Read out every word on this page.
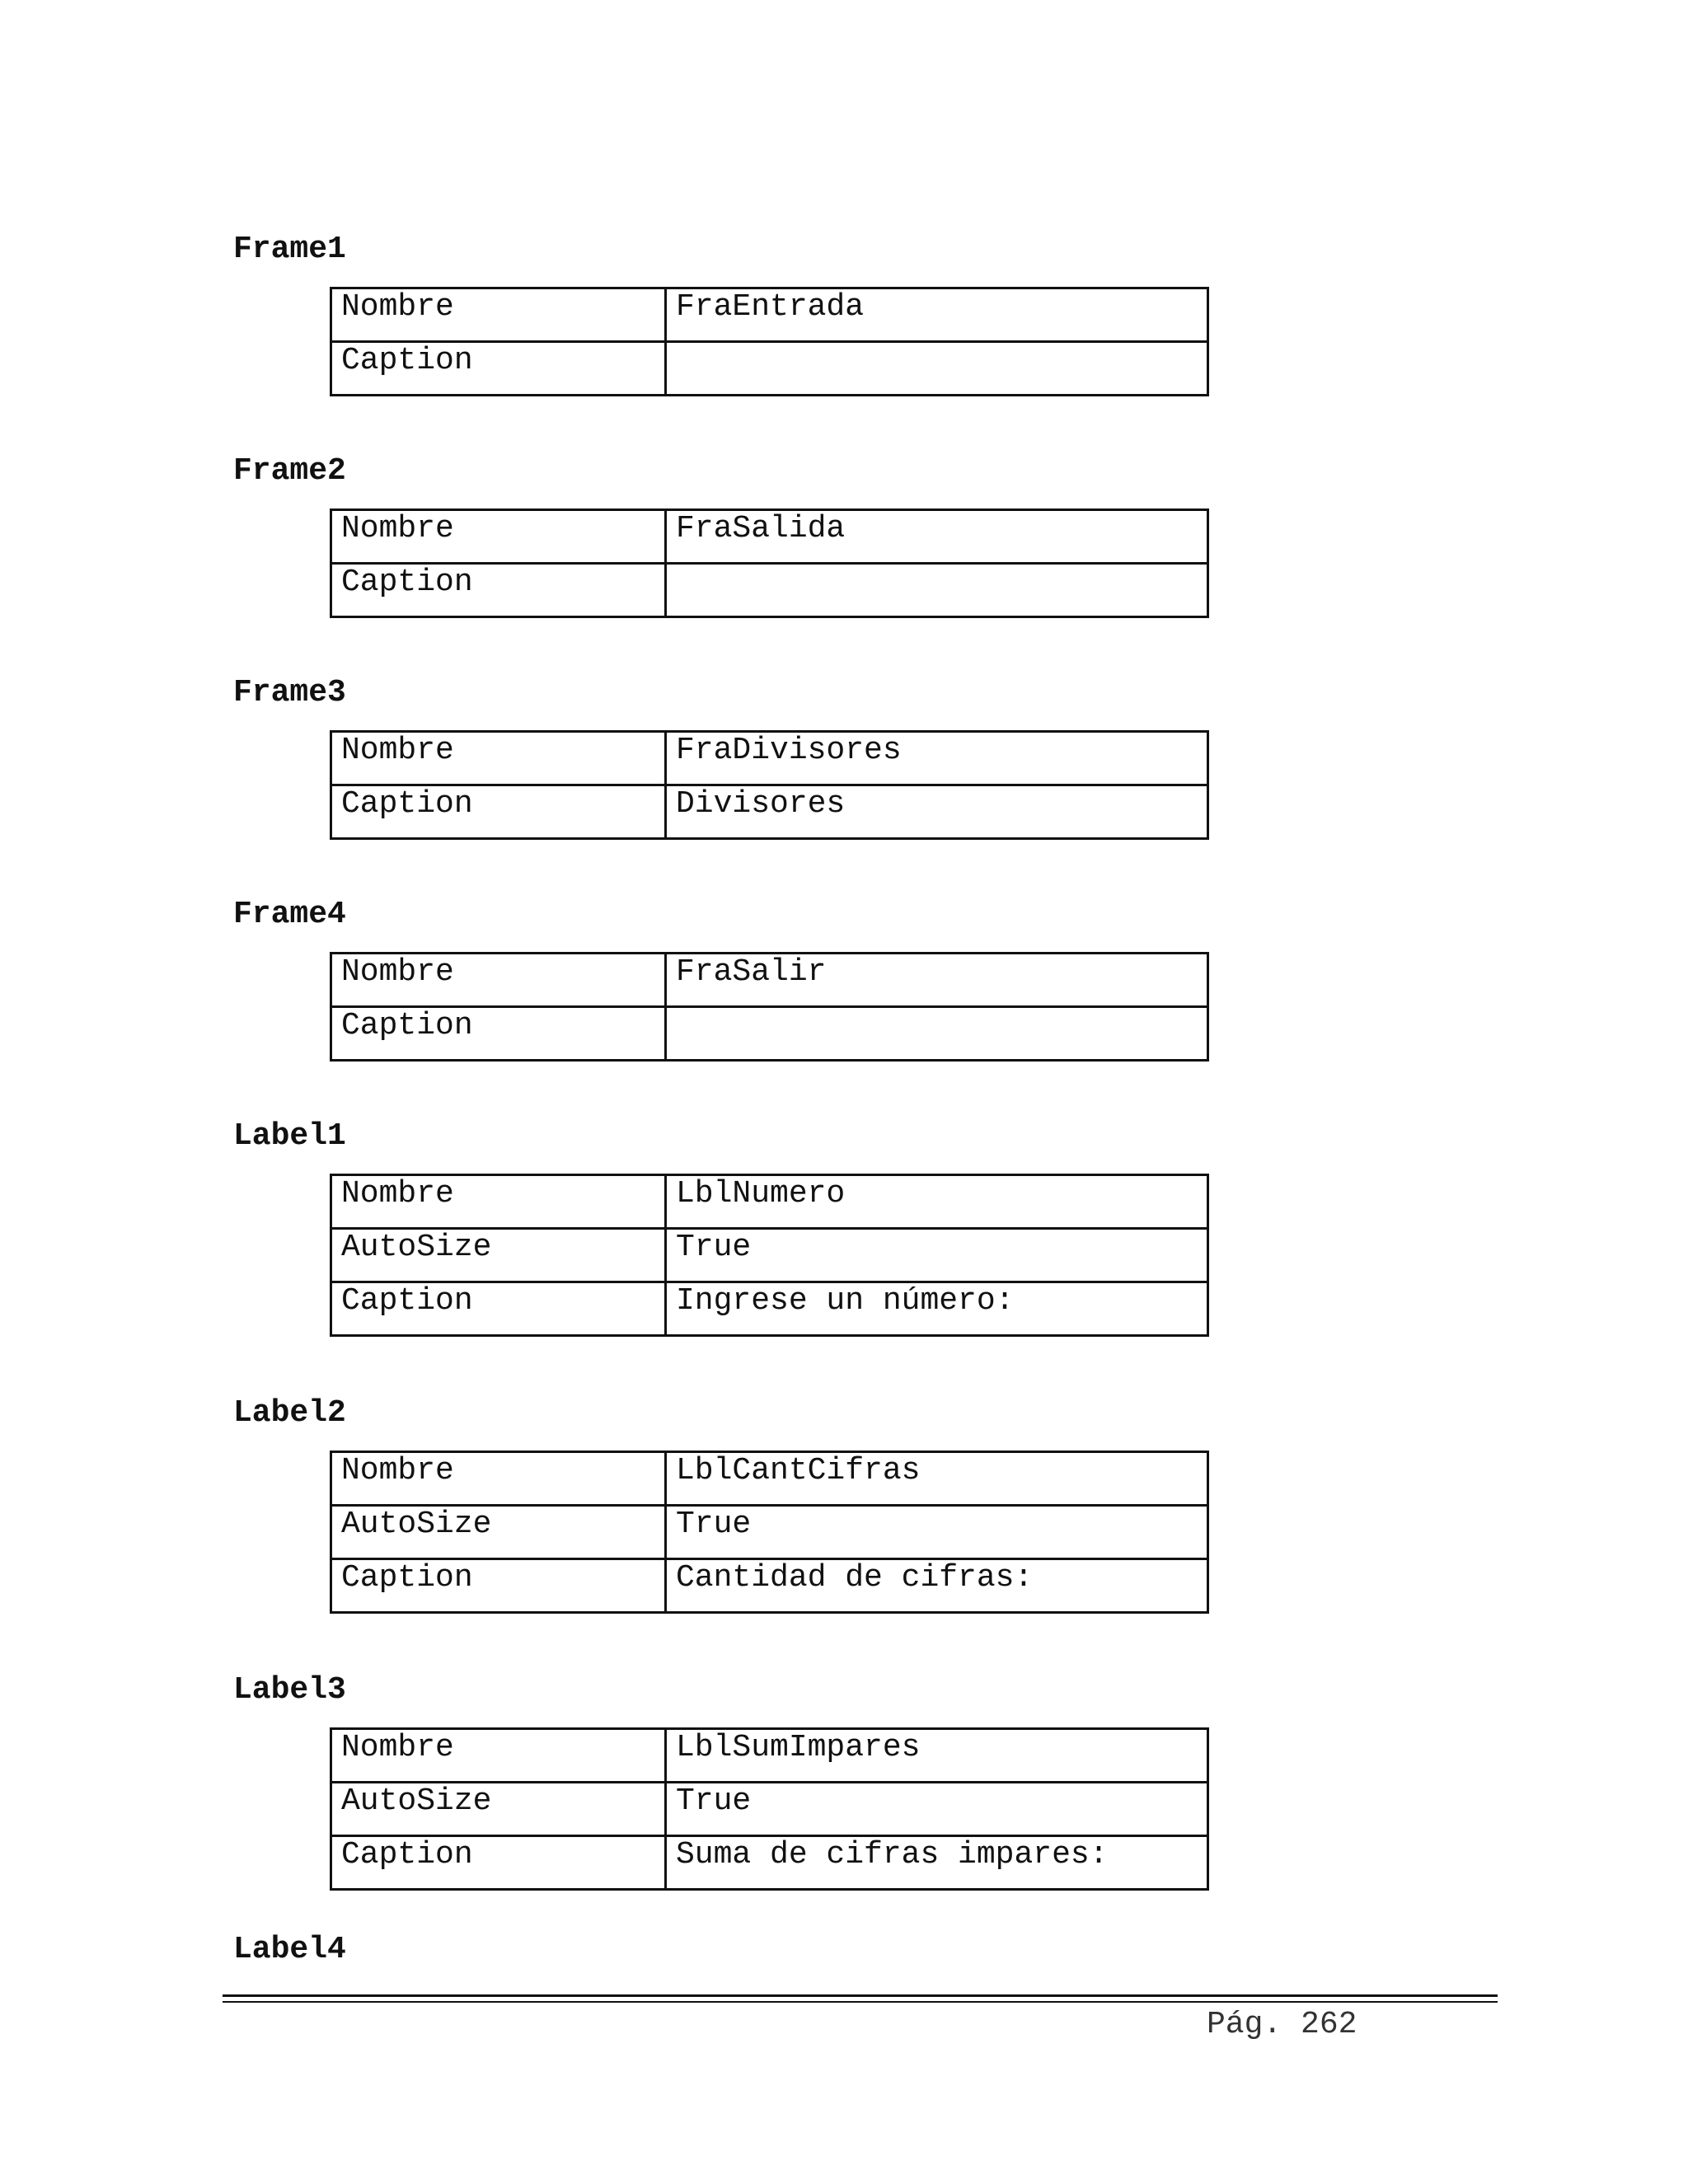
Frame1
Nombre	FraEntrada
Caption	
Frame2
Nombre	FraSalida
Caption	
Frame3
Nombre	FraDivisores
Caption	Divisores
Frame4
Nombre	FraSalir
Caption	
Label1
Nombre	LblNumero
AutoSize	True
Caption	Ingrese un número:
Label2
Nombre	LblCantCifras
AutoSize	True
Caption	Cantidad de cifras:
Label3
Nombre	LblSumImpares
AutoSize	True
Caption	Suma de cifras impares:
Label4
Pág. 262
